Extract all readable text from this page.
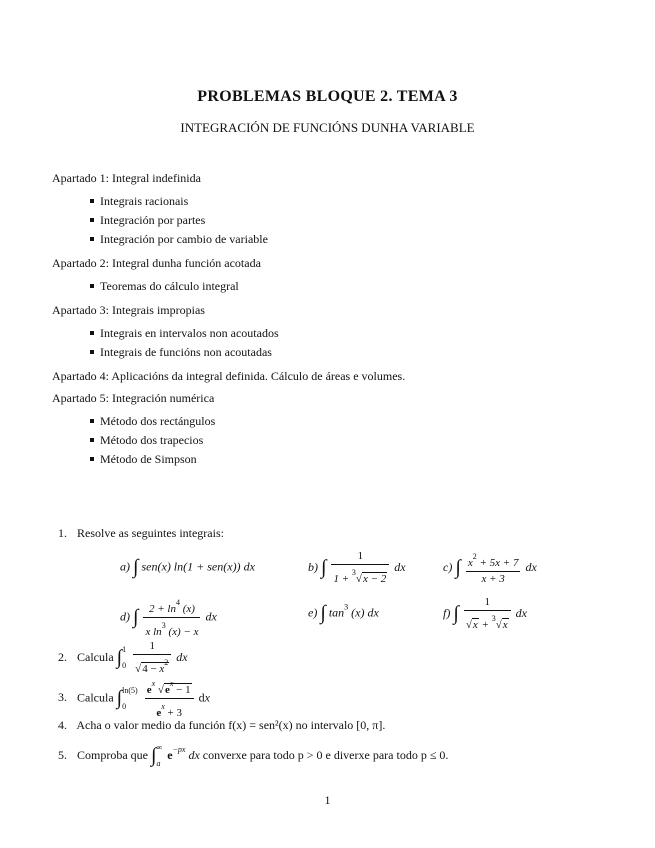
PROBLEMAS BLOQUE 2. TEMA 3
INTEGRACIÓN DE FUNCIÓNS DUNHA VARIABLE
Apartado 1: Integral indefinida
Integrais racionais
Integración por partes
Integración por cambio de variable
Apartado 2: Integral dunha función acotada
Teoremas do cálculo integral
Apartado 3: Integrais impropias
Integrais en intervalos non acoutados
Integrais de funcións non acoutadas
Apartado 4: Aplicacións da integral definida. Cálculo de áreas e volumes.
Apartado 5: Integración numérica
Método dos rectángulos
Método dos trapecios
Método de Simpson
1. Resolve as seguintes integrais:
a) ∫ sen(x) ln(1 + sen(x)) dx	b) ∫ $\frac{1}{1 + ^3√x - 2}$ dx	c) ∫ $\frac{x^2 + 5x + 7}{x + 3}$ dx
d) ∫ $\frac{2 + \ln^4 (x)}{x \ln^3 (x) - x}$ dx	e) ∫ $\tan^3 (x)$ dx	f) ∫ $\frac{1}{√x + ^3√x}$ dx
2. Calcula ∫ 1
0
$\frac{1}{√4 - x^2}$ dx
3. Calcula ∫ ln(5)
0
	$\frac{e^x √e^x - 1}{e^x + 3}$ dx
4. Acha o valor medio da función f(x) = sen²(x) no intervalo [0, π].
5. Comproba que ∫ ∞
a
$e^{-px}$ dx converxe para todo p > 0 e diverxe para todo p ≤ 0.
1
